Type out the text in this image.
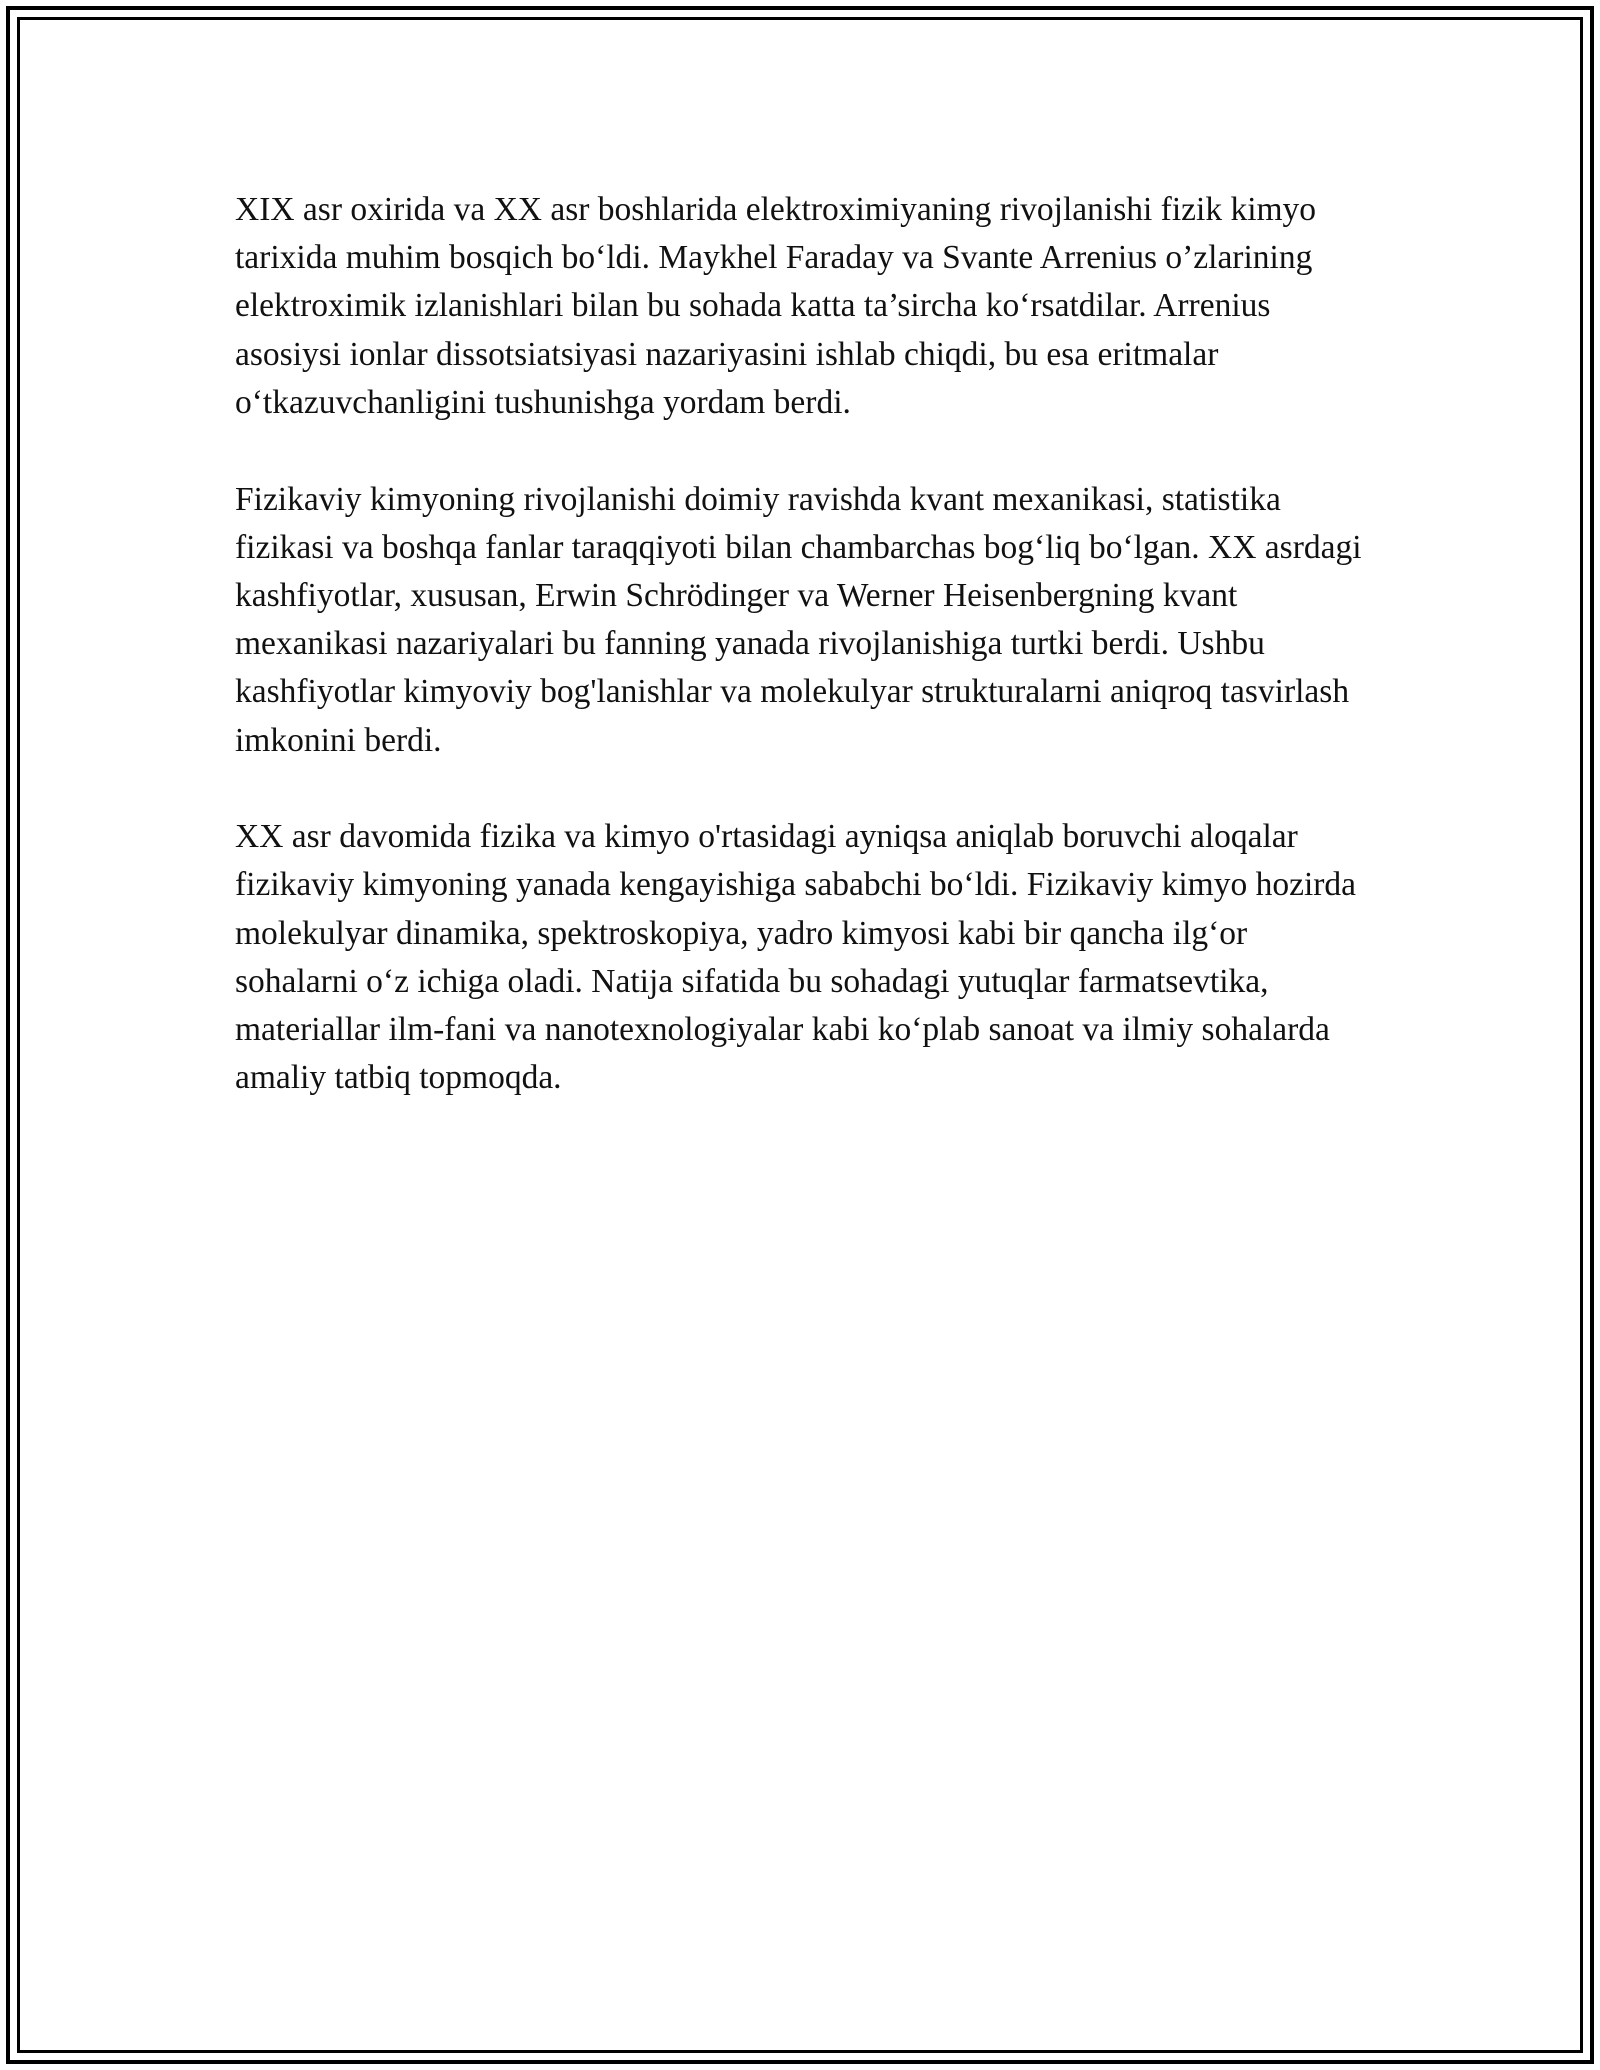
XIX asr oxirida va XX asr boshlarida elektroximiyaning rivojlanishi fizik kimyo tarixida muhim bosqich bo‘ldi. Maykhel Faraday va Svante Arrenius o’zlarining elektroximik izlanishlari bilan bu sohada katta ta’sircha ko‘rsatdilar. Arrenius asosiysi ionlar dissotsiatsiyasi nazariyasini ishlab chiqdi, bu esa eritmalar o‘tkazuvchanligini tushunishga yordam berdi.

Fizikaviy kimyoning rivojlanishi doimiy ravishda kvant mexanikasi, statistika fizikasi va boshqa fanlar taraqqiyoti bilan chambarchas bog‘liq bo‘lgan. XX asrdagi kashfiyotlar, xususan, Erwin Schrödinger va Werner Heisenbergning kvant mexanikasi nazariyalari bu fanning yanada rivojlanishiga turtki berdi. Ushbu kashfiyotlar kimyoviy bog'lanishlar va molekulyar strukturalarni aniqroq tasvirlash imkonini berdi.

XX asr davomida fizika va kimyo o'rtasidagi ayniqsa aniqlab boruvchi aloqalar fizikaviy kimyoning yanada kengayishiga sababchi bo‘ldi. Fizikaviy kimyo hozirda molekulyar dinamika, spektroskopiya, yadro kimyosi kabi bir qancha ilg‘or sohalarni o‘z ichiga oladi. Natija sifatida bu sohadagi yutuqlar farmatsevtika, materiallar ilm-fani va nanotexnologiyalar kabi ko‘plab sanoat va ilmiy sohalarda amaliy tatbiq topmoqda.
